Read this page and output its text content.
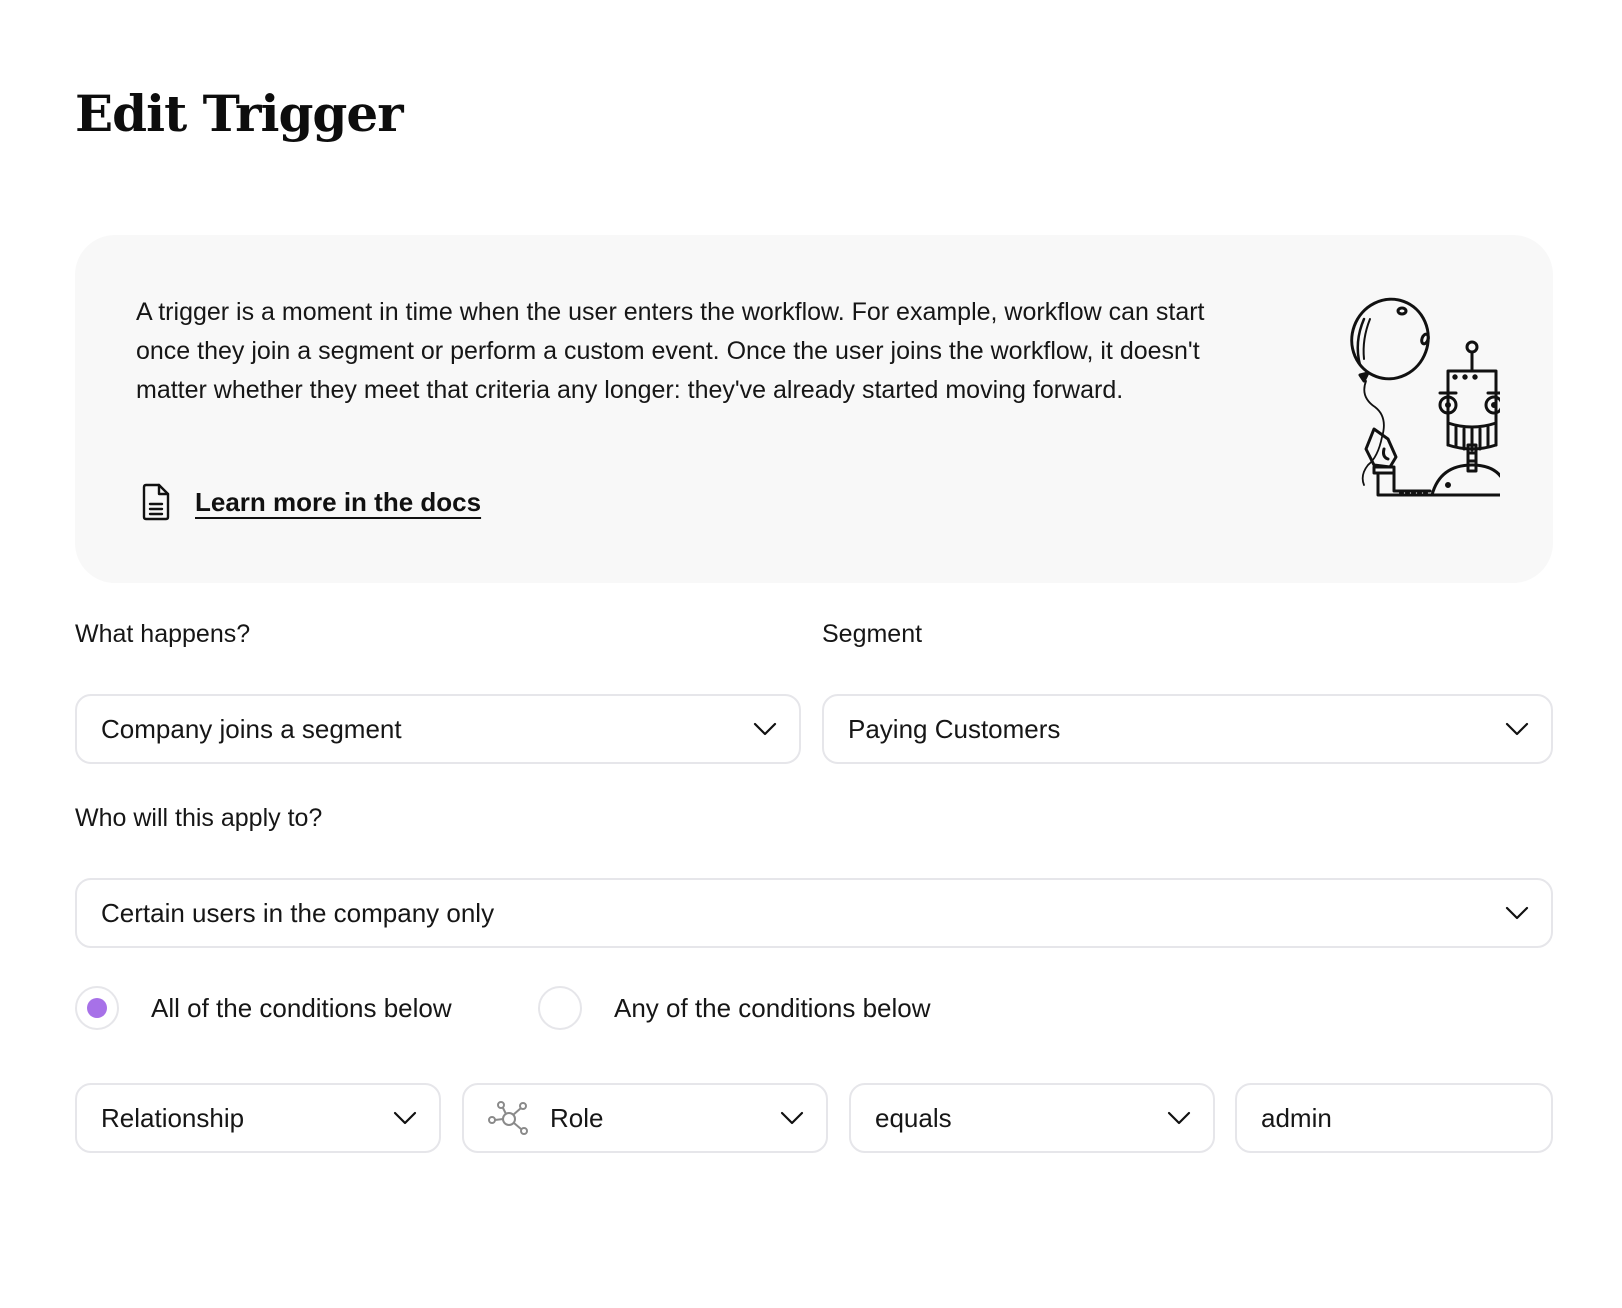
Edit Trigger

A trigger is a moment in time when the user enters the workflow. For example, workflow can start once they join a segment or perform a custom event. Once the user joins the workflow, it doesn't matter whether they meet that criteria any longer: they've already started moving forward.

Learn more in the docs
What happens?
Company joins a segment
Segment
Paying Customers
Who will this apply to?
Certain users in the company only
All of the conditions below	Any of the conditions below
Relationship	Role	equals	admin
